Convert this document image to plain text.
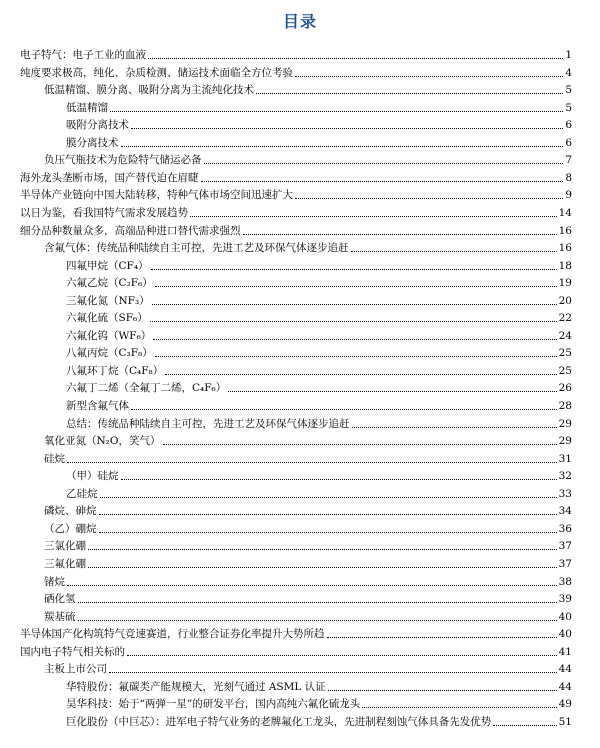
目录
电子特气：电子工业的血液	1
纯度要求极高，纯化、杂质检测、储运技术面临全方位考验	4
低温精馏、膜分离、吸附分离为主流纯化技术	5
低温精馏	5
吸附分离技术	6
膜分离技术	6
负压气瓶技术为危险特气储运必备	7
海外龙头垄断市场，国产替代迫在眉睫	8
半导体产业链向中国大陆转移，特种气体市场空间迅速扩大	9
以日为鉴，看我国特气需求发展趋势	14
细分品种数量众多，高端品种进口替代需求强烈	16
含氟气体：传统品种陆续自主可控，先进工艺及环保气体逐步追赶	16
四氟甲烷（CF₄）	18
六氟乙烷（C₂F₆）	19
三氟化氮（NF₃）	20
六氟化硫（SF₆）	22
六氟化钨（WF₆）	24
八氟丙烷（C₃F₈）	25
八氟环丁烷（C₄F₈）	25
六氟丁二烯（全氟丁二烯，C₄F₆）	26
新型含氟气体	28
总结：传统品种陆续自主可控，先进工艺及环保气体逐步追赶	29
氧化亚氮（N₂O，笑气）	29
硅烷	31
（甲）硅烷	32
乙硅烷	33
磷烷、砷烷	34
（乙）硼烷	36
三氯化硼	37
三氟化硼	37
锗烷	38
硒化氢	39
羰基硫	40
半导体国产化构筑特气竞速赛道，行业整合证券化率提升大势所趋	40
国内电子特气相关标的	41
主板上市公司	44
华特股份：氟碳类产能规模大，光刻气通过 ASML 认证	44
昊华科技：始于“两弹一星”的研发平台，国内高纯六氟化硫龙头	49
巨化股份（中巨芯）：进军电子特气业务的老牌氟化工龙头，先进制程刻蚀气体具备先发优势	51
